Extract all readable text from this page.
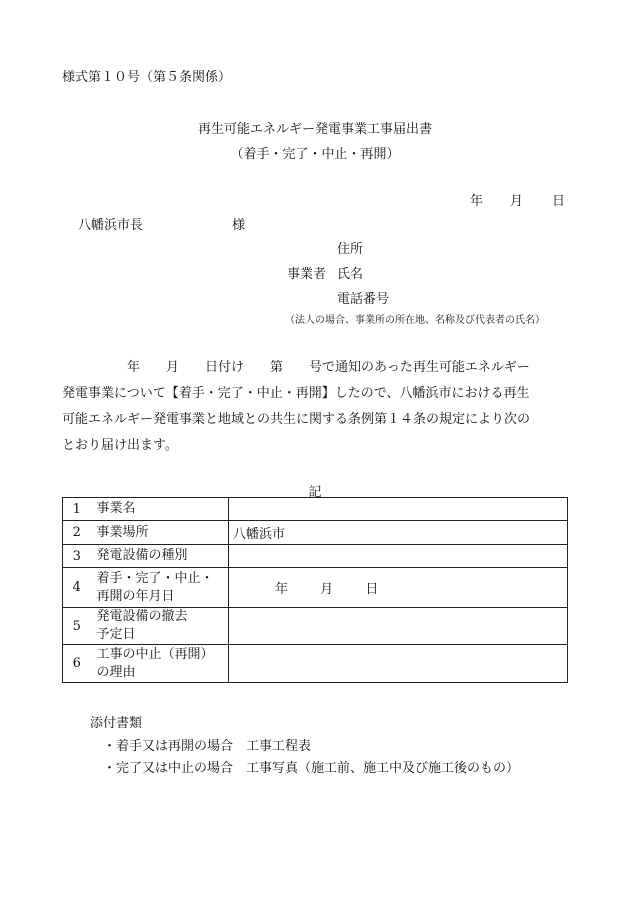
様式第１０号（第５条関係）
再生可能エネルギー発電事業工事届出書
（着手・完了・中止・再開）
年 月 日
八幡浜市長	様
住所
事業者 氏名
電話番号
（法人の場合、事業所の所在地、名称及び代表者の氏名）
　　　　　年　　月　　日付け　　第　　号で通知のあった再生可能エネルギー
発電事業について【着手・完了・中止・再開】したので、八幡浜市における再生
可能エネルギー発電事業と地域との共生に関する条例第１４条の規定により次の
とおり届け出ます。
記
1	事業名	
2	事業場所	八幡浜市
3	発電設備の種別	
4	着手・完了・中止・
再開の年月日	年 月 日
5	発電設備の撤去
予定日	

6	工事の中止（再開）
の理由	

添付書類
・着手又は再開の場合　工事工程表
・完了又は中止の場合　工事写真（施工前、施工中及び施工後のもの）
